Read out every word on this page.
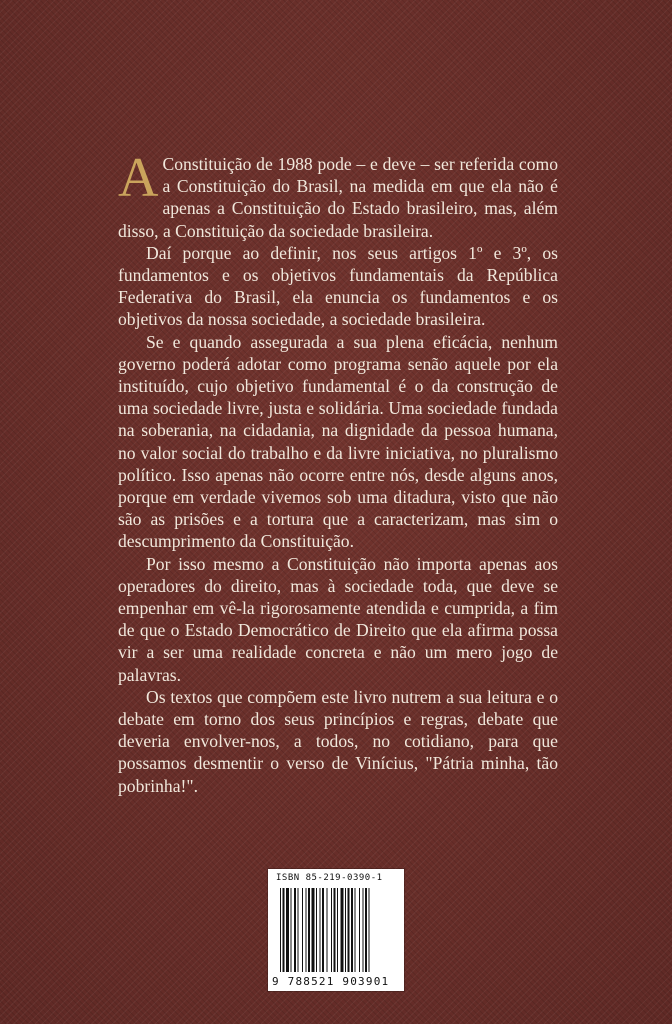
A Constituição de 1988 pode – e deve – ser referida como a Constituição do Brasil, na medida em que ela não é apenas a Constituição do Estado brasileiro, mas, além disso, a Constituição da sociedade brasileira.

Daí porque ao definir, nos seus artigos 1º e 3º, os fundamentos e os objetivos fundamentais da República Federativa do Brasil, ela enuncia os fundamentos e os objetivos da nossa sociedade, a sociedade brasileira.

Se e quando assegurada a sua plena eficácia, nenhum governo poderá adotar como programa senão aquele por ela instituído, cujo objetivo fundamental é o da construção de uma sociedade livre, justa e solidária. Uma sociedade fundada na soberania, na cidadania, na dignidade da pessoa humana, no valor social do trabalho e da livre iniciativa, no pluralismo político. Isso apenas não ocorre entre nós, desde alguns anos, porque em verdade vivemos sob uma ditadura, visto que não são as prisões e a tortura que a caracterizam, mas sim o descumprimento da Constituição.

Por isso mesmo a Constituição não importa apenas aos operadores do direito, mas à sociedade toda, que deve se empenhar em vê-la rigorosamente atendida e cumprida, a fim de que o Estado Democrático de Direito que ela afirma possa vir a ser uma realidade concreta e não um mero jogo de palavras.

Os textos que compõem este livro nutrem a sua leitura e o debate em torno dos seus princípios e regras, debate que deveria envolver-nos, a todos, no cotidiano, para que possamos desmentir o verso de Vinícius, "Pátria minha, tão pobrinha!".

ISBN 85-219-0390-1
9 788521 903901
